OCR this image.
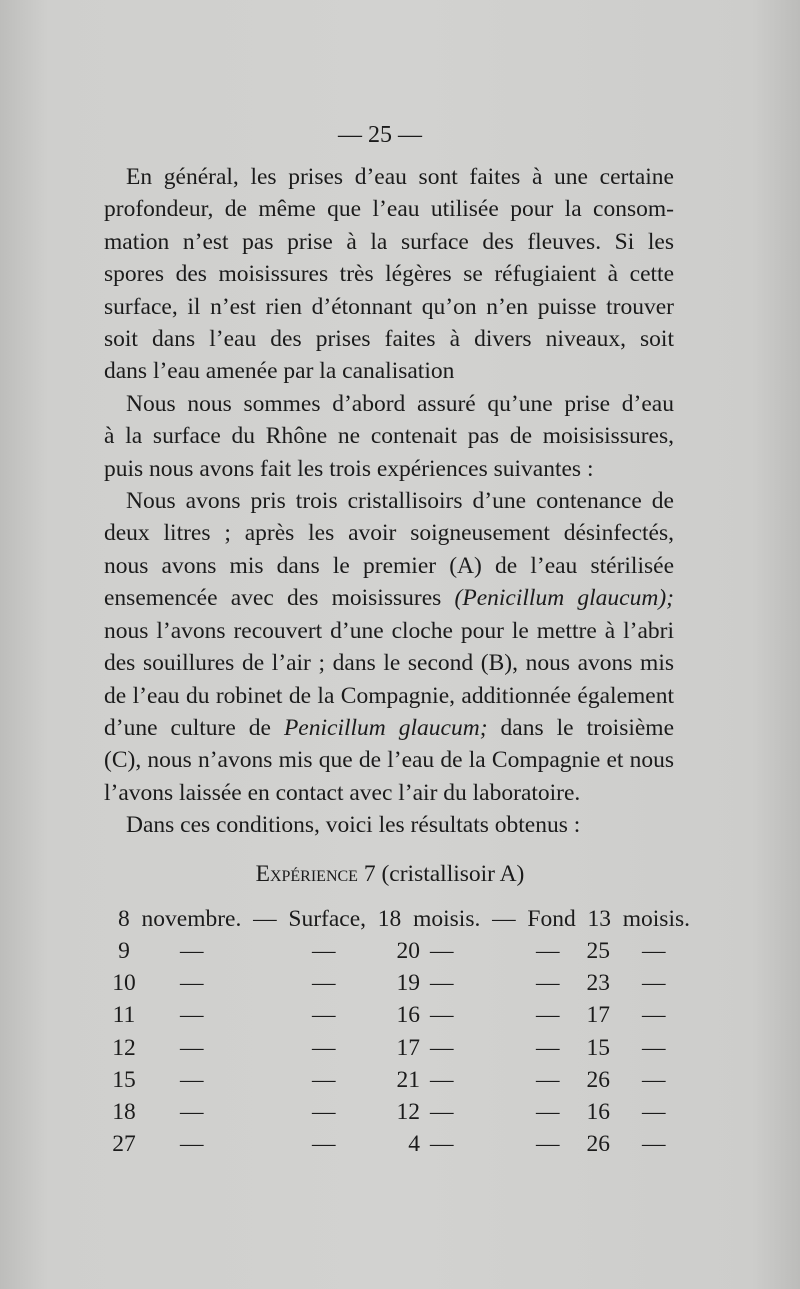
— 25 —
En général, les prises d’eau sont faites à une certaine
profondeur, de même que l’eau utilisée pour la consom-
mation n’est pas prise à la surface des fleuves. Si les
spores des moisissures très légères se réfugiaient à cette
surface, il n’est rien d’étonnant qu’on n’en puisse trouver
soit dans l’eau des prises faites à divers niveaux, soit
dans l’eau amenée par la canalisation
Nous nous sommes d’abord assuré qu’une prise d’eau
à la surface du Rhône ne contenait pas de moisisissures,
puis nous avons fait les trois expériences suivantes :
Nous avons pris trois cristallisoirs d’une contenance de
deux litres ; après les avoir soigneusement désinfectés,
nous avons mis dans le premier (A) de l’eau stérilisée
ensemencée avec des moisissures (Penicillum glaucum);
nous l’avons recouvert d’une cloche pour le mettre à l’abri
des souillures de l’air ; dans le second (B), nous avons mis
de l’eau du robinet de la Compagnie, additionnée également
d’une culture de Penicillum glaucum; dans le troisième
(C), nous n’avons mis que de l’eau de la Compagnie et nous
l’avons laissée en contact avec l’air du laboratoire.
Dans ces conditions, voici les résultats obtenus :
Expérience 7 (cristallisoir A)
8 novembre. — Surface, 18 moisis. — Fond 13 moisis.
9	—	—	20 —	—	25 —
10	—	—	19 —	—	23 —
11	—	—	16 —	—	17 —
12	—	—	17 —	—	15 —
15	—	—	21 —	—	26 —
18	—	—	12 —	—	16 —
27	—	—	4 —	—	26 —
